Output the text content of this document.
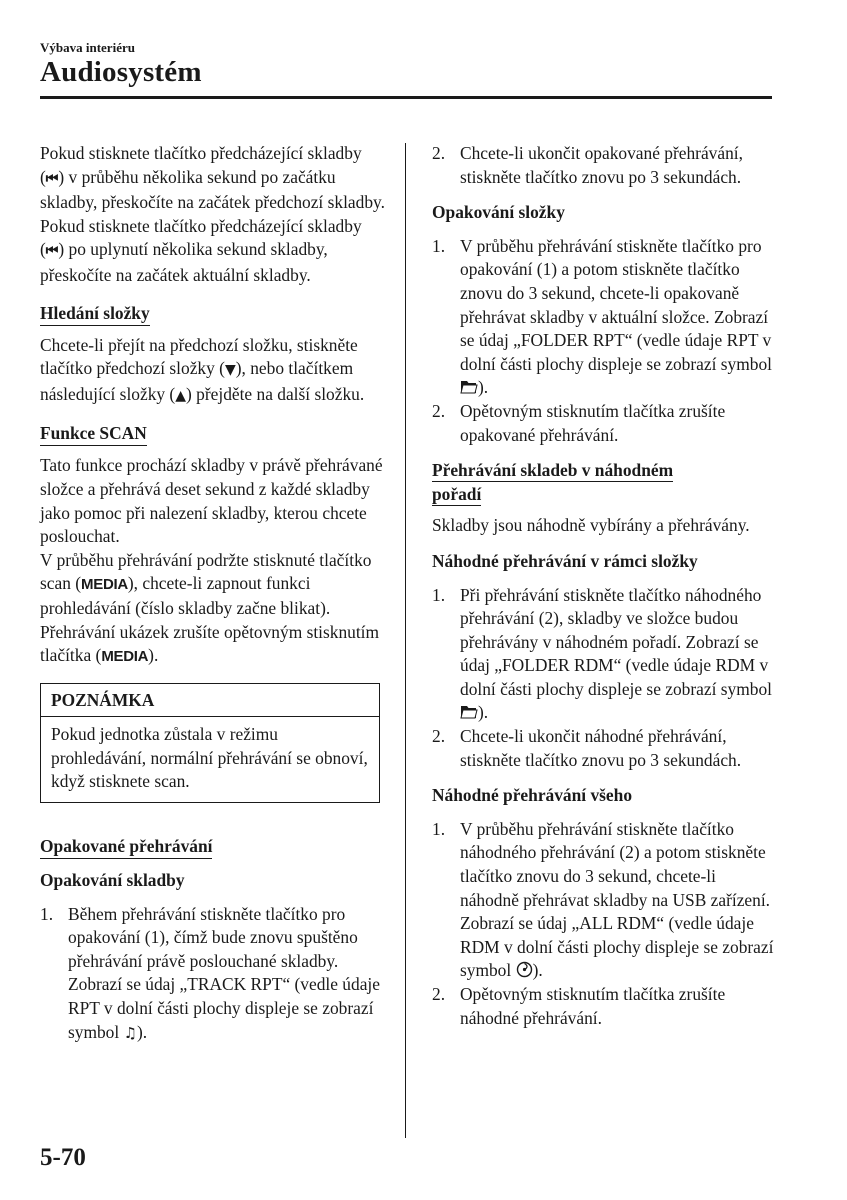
Výbava interiéru
Audiosystém

Pokud stisknete tlačítko předcházející skladby (⏮) v průběhu několika sekund po začátku skladby, přeskočíte na začátek předchozí skladby.

Pokud stisknete tlačítko předcházející skladby (⏮) po uplynutí několika sekund skladby, přeskočíte na začátek aktuální skladby.

Hledání složky

Chcete-li přejít na předchozí složku, stiskněte tlačítko předchozí složky (▼), nebo tlačítkem následující složky (▲) přejděte na další složku.

Funkce SCAN

Tato funkce prochází skladby v právě přehrávané složce a přehrává deset sekund z každé skladby jako pomoc při nalezení skladby, kterou chcete poslouchat.

V průběhu přehrávání podržte stisknuté tlačítko scan (MEDIA), chcete-li zapnout funkci prohledávání (číslo skladby začne blikat). Přehrávání ukázek zrušíte opětovným stisknutím tlačítka (MEDIA).

POZNÁMKA
Pokud jednotka zůstala v režimu prohledávání, normální přehrávání se obnoví, když stisknete scan.
Opakované přehrávání
Opakování skladby
1. Během přehrávání stiskněte tlačítko pro opakování (1), čímž bude znovu spuštěno přehrávání právě poslouchané skladby. Zobrazí se údaj „TRACK RPT“ (vedle údaje RPT v dolní části plochy displeje se zobrazí symbol ♫).
2. Chcete-li ukončit opakované přehrávání, stiskněte tlačítko znovu po 3 sekundách.
Opakování složky
1. V průběhu přehrávání stiskněte tlačítko pro opakování (1) a potom stiskněte tlačítko znovu do 3 sekund, chcete-li opakovaně přehrávat skladby v aktuální složce. Zobrazí se údaj „FOLDER RPT“ (vedle údaje RPT v dolní části plochy displeje se zobrazí symbol ).
2. Opětovným stisknutím tlačítka zrušíte opakované přehrávání.
Přehrávání skladeb v náhodném pořadí

Skladby jsou náhodně vybírány a přehrávány.

Náhodné přehrávání v rámci složky
1. Při přehrávání stiskněte tlačítko náhodného přehrávání (2), skladby ve složce budou přehrávány v náhodném pořadí. Zobrazí se údaj „FOLDER RDM“ (vedle údaje RDM v dolní části plochy displeje se zobrazí symbol ).
2. Chcete-li ukončit náhodné přehrávání, stiskněte tlačítko znovu po 3 sekundách.
Náhodné přehrávání všeho
1. V průběhu přehrávání stiskněte tlačítko náhodného přehrávání (2) a potom stiskněte tlačítko znovu do 3 sekund, chcete-li náhodně přehrávat skladby na USB zařízení. Zobrazí se údaj „ALL RDM“ (vedle údaje RDM v dolní části plochy displeje se zobrazí symbol ).
2. Opětovným stisknutím tlačítka zrušíte náhodné přehrávání.
5-70
